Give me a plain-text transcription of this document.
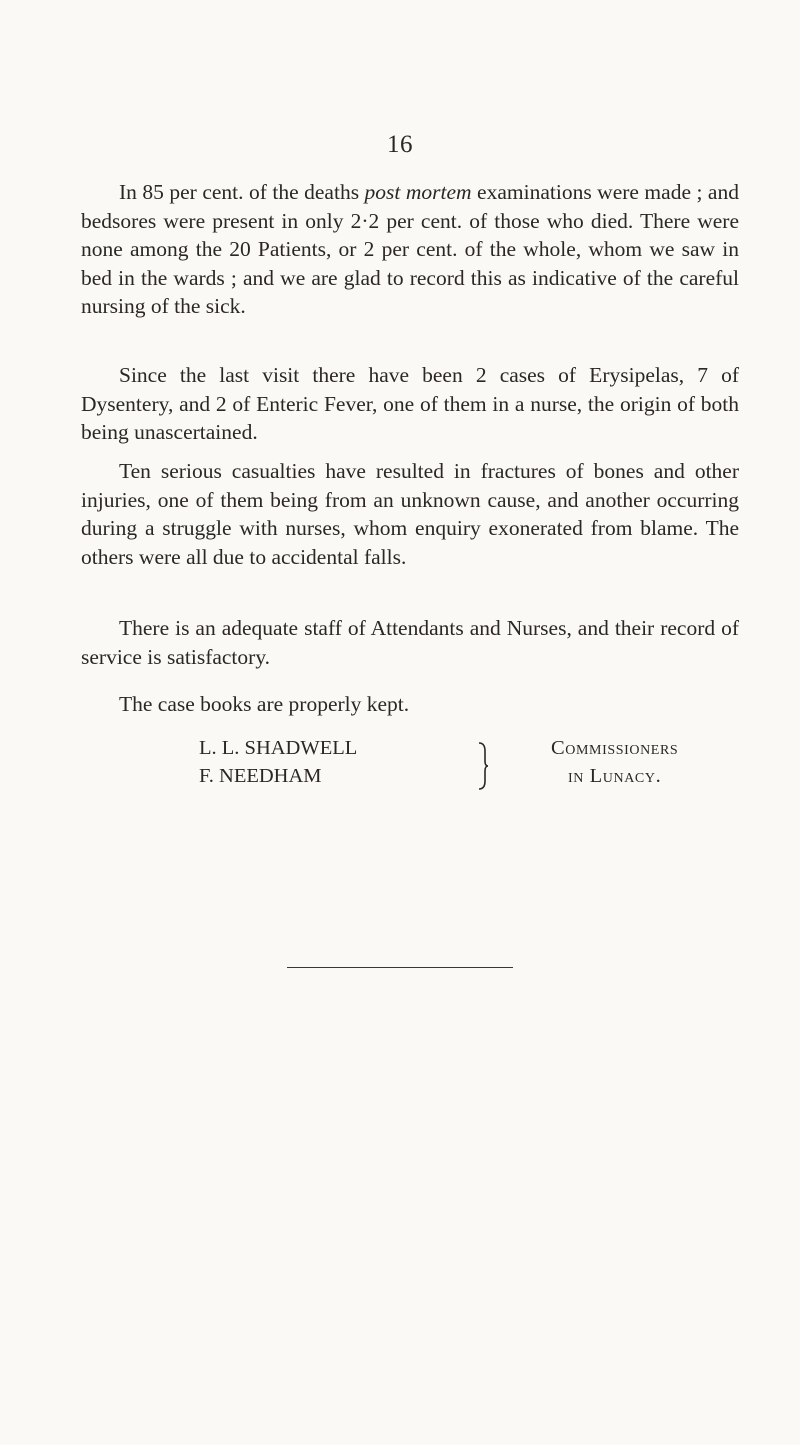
16

In 85 per cent. of the deaths post mortem examinations were made ; and bedsores were present in only 2·2 per cent. of those who died. There were none among the 20 Patients, or 2 per cent. of the whole, whom we saw in bed in the wards ; and we are glad to record this as indicative of the careful nursing of the sick.

Since the last visit there have been 2 cases of Erysipelas, 7 of Dysentery, and 2 of Enteric Fever, one of them in a nurse, the origin of both being unascertained.

Ten serious casualties have resulted in fractures of bones and other injuries, one of them being from an unknown cause, and another occurring during a struggle with nurses, whom enquiry exonerated from blame. The others were all due to accidental falls.

There is an adequate staff of Attendants and Nurses, and their record of service is satisfactory.

The case books are properly kept.

L. L. SHADWELL
F. NEEDHAM
Commissioners
in Lunacy.
